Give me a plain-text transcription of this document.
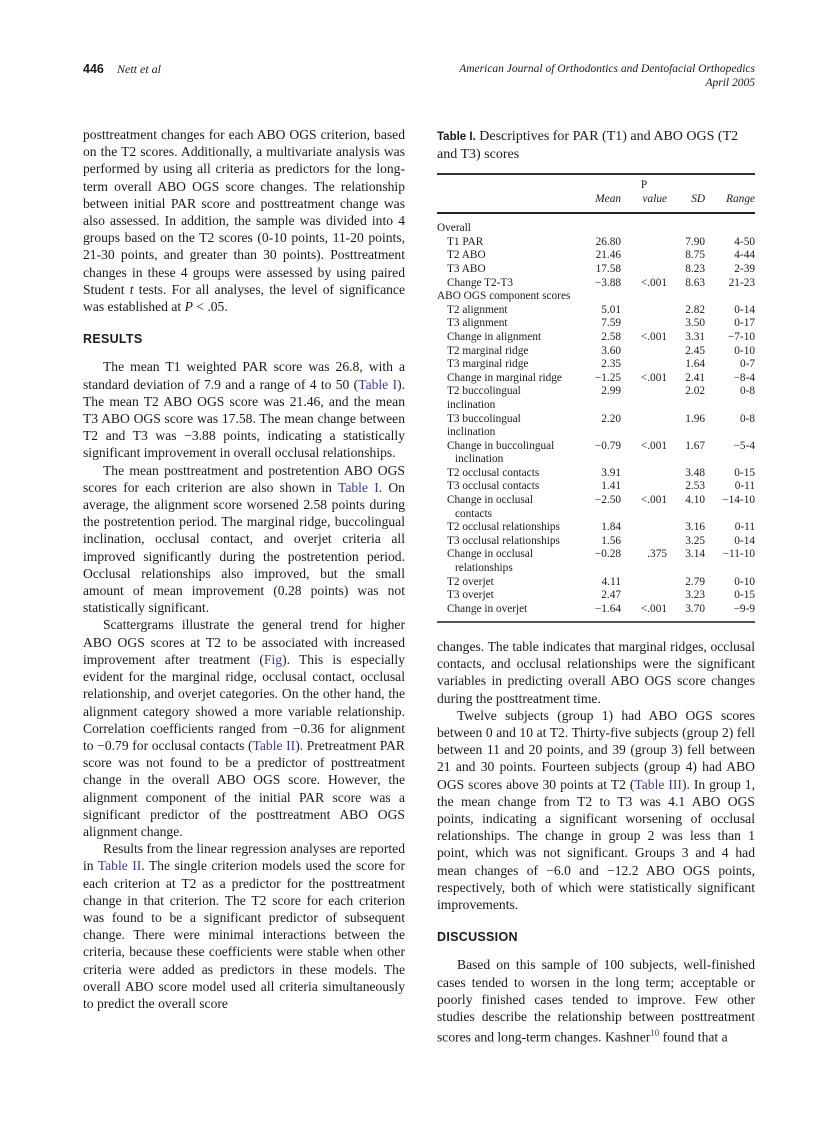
446 Nett et al	American Journal of Orthodontics and Dentofacial Orthopedics
April 2005

posttreatment changes for each ABO OGS criterion, based on the T2 scores. Additionally, a multivariate analysis was performed by using all criteria as predictors for the long-term overall ABO OGS score changes. The relationship between initial PAR score and posttreatment change was also assessed. In addition, the sample was divided into 4 groups based on the T2 scores (0-10 points, 11-20 points, 21-30 points, and greater than 30 points). Posttreatment changes in these 4 groups were assessed by using paired Student t tests. For all analyses, the level of significance was established at P < .05.

RESULTS

The mean T1 weighted PAR score was 26.8, with a standard deviation of 7.9 and a range of 4 to 50 (Table I). The mean T2 ABO OGS score was 21.46, and the mean T3 ABO OGS score was 17.58. The mean change between T2 and T3 was −3.88 points, indicating a statistically significant improvement in overall occlusal relationships.

The mean posttreatment and postretention ABO OGS scores for each criterion are also shown in Table I. On average, the alignment score worsened 2.58 points during the postretention period. The marginal ridge, buccolingual inclination, occlusal contact, and overjet criteria all improved significantly during the postretention period. Occlusal relationships also improved, but the small amount of mean improvement (0.28 points) was not statistically significant.

Scattergrams illustrate the general trend for higher ABO OGS scores at T2 to be associated with increased improvement after treatment (Fig). This is especially evident for the marginal ridge, occlusal contact, occlusal relationship, and overjet categories. On the other hand, the alignment category showed a more variable relationship. Correlation coefficients ranged from −0.36 for alignment to −0.79 for occlusal contacts (Table II). Pretreatment PAR score was not found to be a predictor of posttreatment change in the overall ABO OGS score. However, the alignment component of the initial PAR score was a significant predictor of the posttreatment ABO OGS alignment change.

Results from the linear regression analyses are reported in Table II. The single criterion models used the score for each criterion at T2 as a predictor for the posttreatment change in that criterion. The T2 score for each criterion was found to be a significant predictor of subsequent change. There were minimal interactions between the criteria, because these coefficients were stable when other criteria were added as predictors in these models. The overall ABO score model used all criteria simultaneously to predict the overall score

Table I. Descriptives for PAR (T1) and ABO OGS (T2 and T3) scores

	Mean	P
value	SD	Range
Overall				
T1 PAR	26.80		7.90	4-50
T2 ABO	21.46		8.75	4-44
T3 ABO	17.58		8.23	2-39
Change T2-T3	−3.88	<.001	8.63	21-23
ABO OGS component scores				
T2 alignment	5.01		2.82	0-14
T3 alignment	7.59		3.50	0-17
Change in alignment	2.58	<.001	3.31	−7-10
T2 marginal ridge	3.60		2.45	0-10
T3 marginal ridge	2.35		1.64	0-7
Change in marginal ridge	−1.25	<.001	2.41	−8-4
T2 buccolingual inclination	2.99		2.02	0-8
T3 buccolingual inclination	2.20		1.96	0-8
Change in buccolingual
inclination	−0.79	<.001	1.67	−5-4
T2 occlusal contacts	3.91		3.48	0-15
T3 occlusal contacts	1.41		2.53	0-11
Change in occlusal
contacts	−2.50	<.001	4.10	−14-10
T2 occlusal relationships	1.84		3.16	0-11
T3 occlusal relationships	1.56		3.25	0-14
Change in occlusal
relationships	−0.28	.375	3.14	−11-10
T2 overjet	4.11		2.79	0-10
T3 overjet	2.47		3.23	0-15
Change in overjet	−1.64	<.001	3.70	−9-9

changes. The table indicates that marginal ridges, occlusal contacts, and occlusal relationships were the significant variables in predicting overall ABO OGS score changes during the posttreatment time.

Twelve subjects (group 1) had ABO OGS scores between 0 and 10 at T2. Thirty-five subjects (group 2) fell between 11 and 20 points, and 39 (group 3) fell between 21 and 30 points. Fourteen subjects (group 4) had ABO OGS scores above 30 points at T2 (Table III). In group 1, the mean change from T2 to T3 was 4.1 ABO OGS points, indicating a significant worsening of occlusal relationships. The change in group 2 was less than 1 point, which was not significant. Groups 3 and 4 had mean changes of −6.0 and −12.2 ABO OGS points, respectively, both of which were statistically significant improvements.

DISCUSSION

Based on this sample of 100 subjects, well-finished cases tended to worsen in the long term; acceptable or poorly finished cases tended to improve. Few other studies describe the relationship between posttreatment scores and long-term changes. Kashner$^{10}$ found that a
